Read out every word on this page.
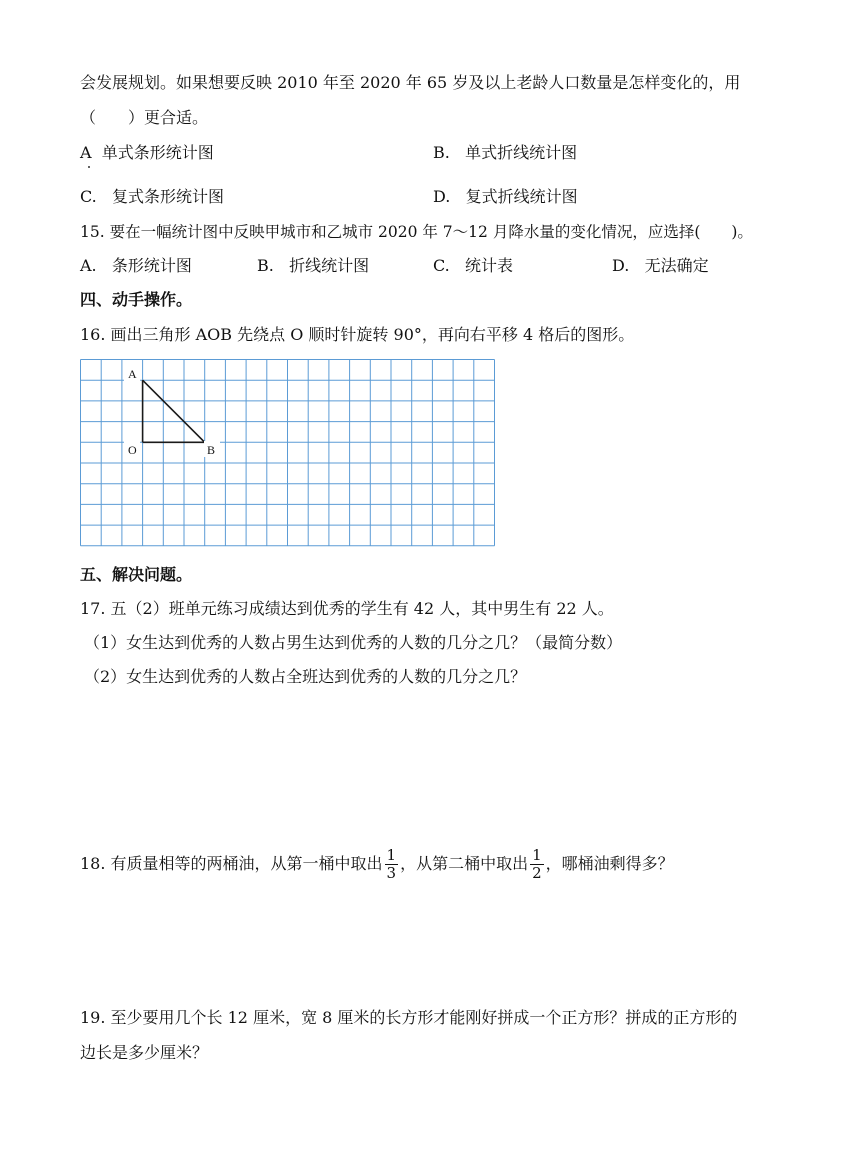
会发展规划。如果想要反映 2010 年至 2020 年 65 岁及以上老龄人口数量是怎样变化的，用
（　　）更合适。
A 单式条形统计图	B. 单式折线统计图
C. 复式条形统计图	D. 复式折线统计图
15. 要在一幅统计图中反映甲城市和乙城市 2020 年 7～12 月降水量的变化情况，应选择(　　)。
A. 条形统计图	B. 折线统计图	C. 统计表	D. 无法确定
四、动手操作。
16. 画出三角形 AOB 先绕点 O 顺时针旋转 90°，再向右平移 4 格后的图形。
A
O	B
五、解决问题。
17. 五（2）班单元练习成绩达到优秀的学生有 42 人，其中男生有 22 人。
（1）女生达到优秀的人数占男生达到优秀的人数的几分之几？（最简分数）
（2）女生达到优秀的人数占全班达到优秀的人数的几分之几？
18. 有质量相等的两桶油，从第一桶中取出 $\frac{1}{3}$ ，从第二桶中取出 $\frac{1}{2}$ ，哪桶油剩得多？
19. 至少要用几个长 12 厘米，宽 8 厘米的长方形才能刚好拼成一个正方形？拼成的正方形的
边长是多少厘米？
